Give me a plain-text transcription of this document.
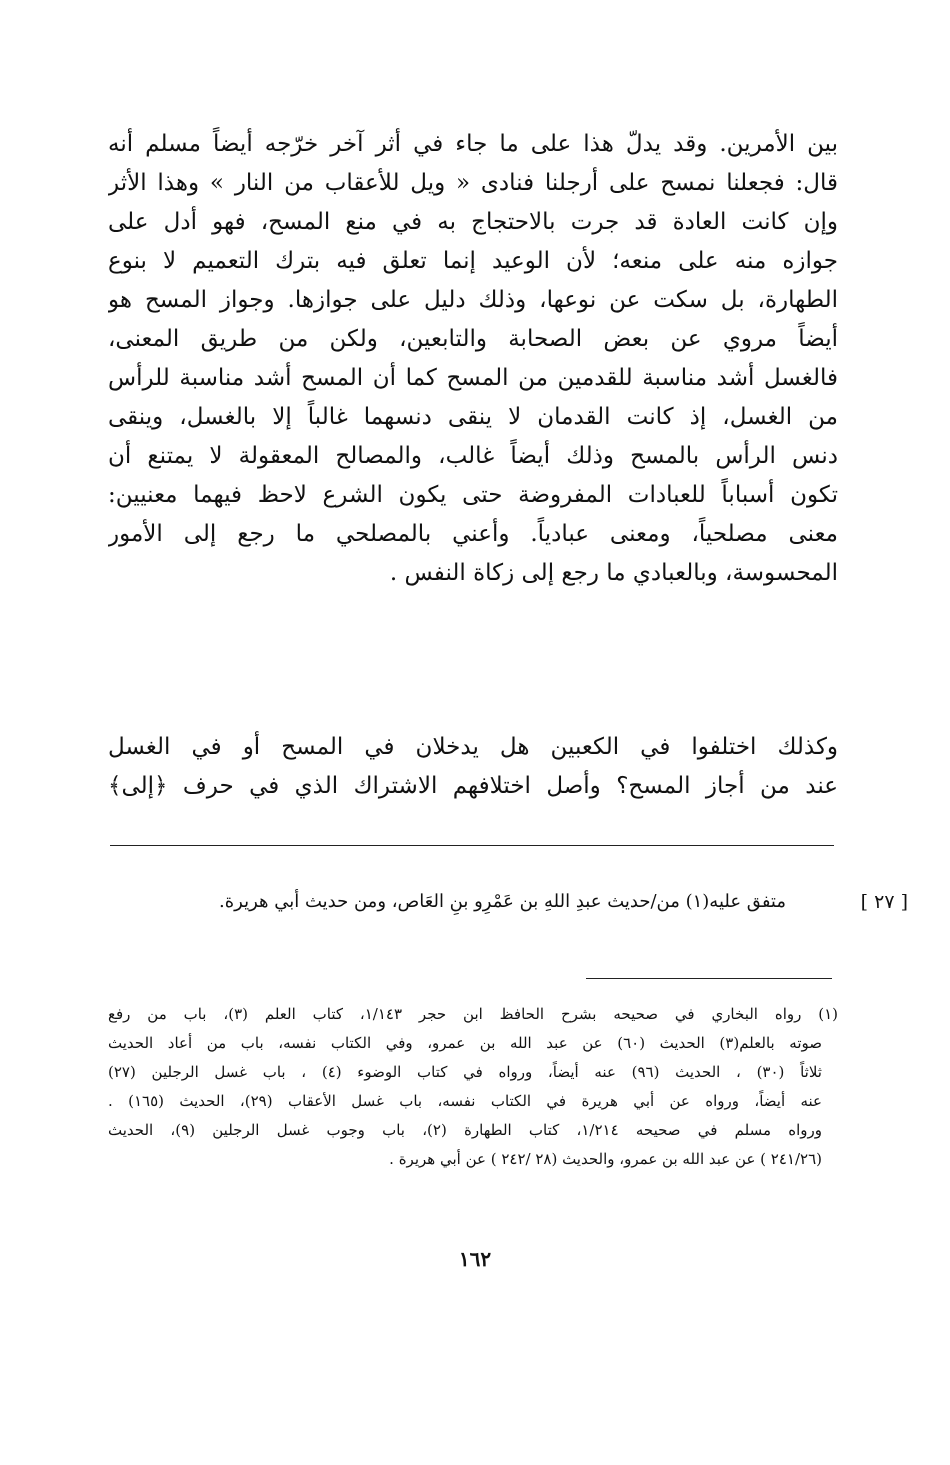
بين الأمرين. وقد يدلّ هذا على ما جاء في أثر آخر خرّجه أيضاً مسلم أنه
قال: فجعلنا نمسح على أرجلنا فنادى « ويل للأعقاب من النار » وهذا الأثر
وإن كانت العادة قد جرت بالاحتجاج به في منع المسح، فهو أدل على
جوازه منه على منعه؛ لأن الوعيد إنما تعلق فيه بترك التعميم لا بنوع
الطهارة، بل سكت عن نوعها، وذلك دليل على جوازها. وجواز المسح هو
أيضاً مروي عن بعض الصحابة والتابعين، ولكن من طريق المعنى،
فالغسل أشد مناسبة للقدمين من المسح كما أن المسح أشد مناسبة للرأس
من الغسل، إذ كانت القدمان لا ينقى دنسهما غالباً إلا بالغسل، وينقى
دنس الرأس بالمسح وذلك أيضاً غالب، والمصالح المعقولة لا يمتنع أن
تكون أسباباً للعبادات المفروضة حتى يكون الشرع لاحظ فيهما معنيين:
معنى مصلحياً، ومعنى عبادياً. وأعني بالمصلحي ما رجع إلى الأمور
المحسوسة، وبالعبادي ما رجع إلى زكاة النفس .
وكذلك اختلفوا في الكعبين هل يدخلان في المسح أو في الغسل
عند من أجاز المسح؟ وأصل اختلافهم الاشتراك الذي في حرف ﴿إلى﴾
[ ٢٧ ]
متفق عليه(١) من/حديث عبدِ اللهِ بن عَمْرِو بنِ العَاص، ومن حديث أبي هريرة.
(١) رواه البخاري في صحيحه بشرح الحافظ ابن حجر ١/١٤٣، كتاب العلم (٣)، باب من رفع
صوته بالعلم(٣) الحديث (٦٠) عن عبد الله بن عمرو، وفي الكتاب نفسه، باب من أعاد الحديث
ثلاثاً (٣٠) ، الحديث (٩٦) عنه أيضاً، ورواه في كتاب الوضوء (٤) ، باب غسل الرجلين (٢٧)
عنه أيضاً، ورواه عن أبي هريرة في الكتاب نفسه، باب غسل الأعقاب (٢٩)، الحديث (١٦٥) .
ورواه مسلم في صحيحه ١/٢١٤، كتاب الطهارة (٢)، باب وجوب غسل الرجلين (٩)، الحديث
(٢٤١/٢٦ ) عن عبد الله بن عمرو، والحديث (٢٨ /٢٤٢ ) عن أبي هريرة .
١٦٢
